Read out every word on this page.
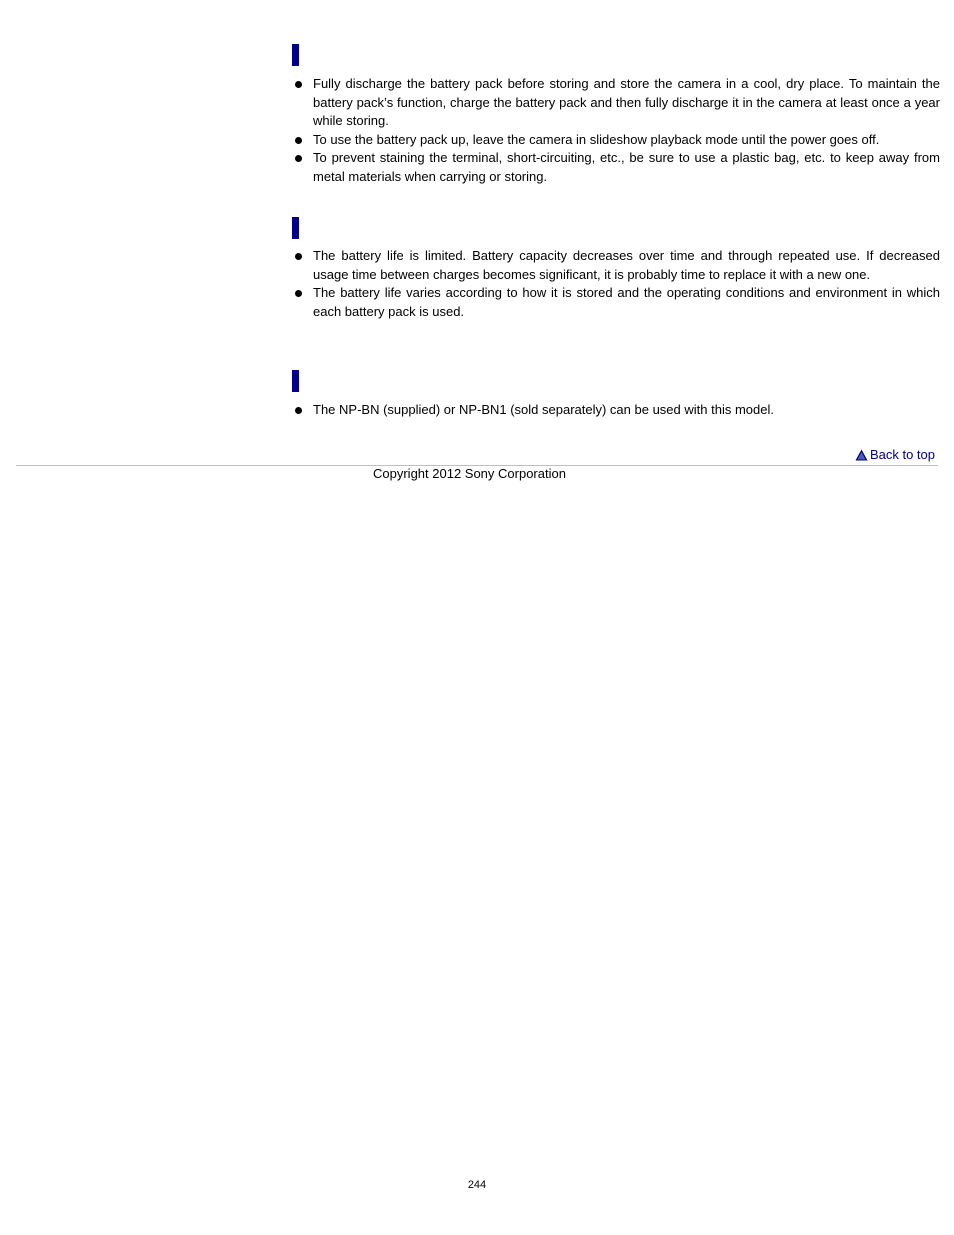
Fully discharge the battery pack before storing and store the camera in a cool, dry place. To maintain the battery pack’s function, charge the battery pack and then fully discharge it in the camera at least once a year while storing.
To use the battery pack up, leave the camera in slideshow playback mode until the power goes off.
To prevent staining the terminal, short-circuiting, etc., be sure to use a plastic bag, etc. to keep away from metal materials when carrying or storing.
The battery life is limited. Battery capacity decreases over time and through repeated use. If decreased usage time between charges becomes significant, it is probably time to replace it with a new one.
The battery life varies according to how it is stored and the operating conditions and environment in which each battery pack is used.
The NP-BN (supplied) or NP-BN1 (sold separately) can be used with this model.
Back to top
Copyright 2012 Sony Corporation
244
